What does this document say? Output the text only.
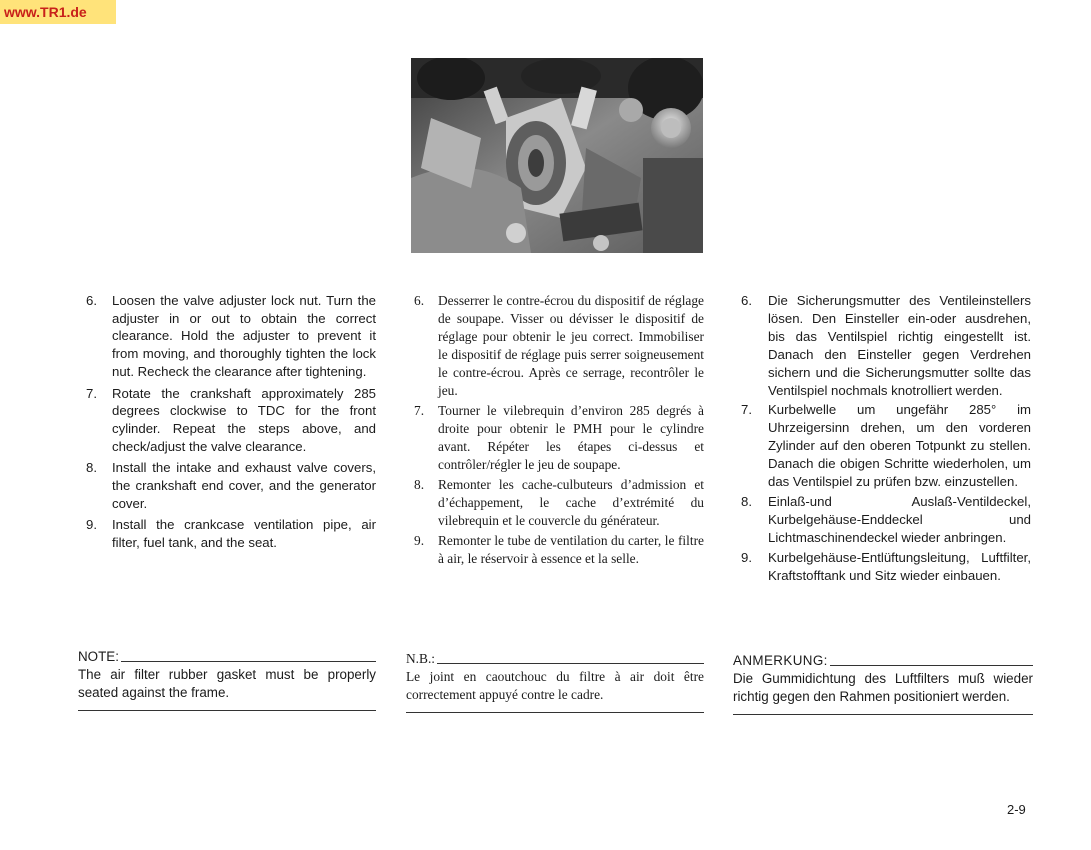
www.TR1.de
6.	Loosen the valve adjuster lock nut. Turn the adjuster in or out to obtain the correct clearance. Hold the adjuster to prevent it from moving, and thoroughly tighten the lock nut. Recheck the clearance after tightening.
7.	Rotate the crankshaft approximately 285 degrees clockwise to TDC for the front cylinder. Repeat the steps above, and check/adjust the valve clearance.
8.	Install the intake and exhaust valve covers, the crankshaft end cover, and the generator cover.
9.	Install the crankcase ventilation pipe, air filter, fuel tank, and the seat.
6.	Desserrer le contre-écrou du dispositif de réglage de soupape. Visser ou dévisser le dispositif de réglage pour obtenir le jeu correct. Immobiliser le dispositif de réglage puis serrer soigneusement le contre-écrou. Après ce serrage, recontrôler le jeu.
7.	Tourner le vilebrequin d’environ 285 degrés à droite pour obtenir le PMH pour le cylindre avant. Répéter les étapes ci-dessus et contrôler/régler le jeu de soupape.
8.	Remonter les cache-culbuteurs d’admission et d’échappement, le cache d’extrémité du vilebrequin et le couvercle du générateur.
9.	Remonter le tube de ventilation du carter, le filtre à air, le réservoir à essence et la selle.
6.	Die Sicherungsmutter des Ventileinstellers lösen. Den Einsteller ein-oder ausdrehen, bis das Ventilspiel richtig eingestellt ist. Danach den Einsteller gegen Verdrehen sichern und die Sicherungsmutter sollte das Ventilspiel nochmals knotrolliert werden.
7.	Kurbelwelle um ungefähr 285° im Uhrzeigersinn drehen, um den vorderen Zylinder auf den oberen Totpunkt zu stellen. Danach die obigen Schritte wiederholen, um das Ventilspiel zu prüfen bzw. einzustellen.
8.	Einlaß-und Auslaß-Ventildeckel, Kurbelgehäuse-Enddeckel und Lichtmaschinendeckel wieder anbringen.
9.	Kurbelgehäuse-Entlüftungsleitung, Luftfilter, Kraftstofftank und Sitz wieder einbauen.
NOTE:
The air filter rubber gasket must be properly seated against the frame.
N.B.:
Le joint en caoutchouc du filtre à air doit être correctement appuyé contre le cadre.
ANMERKUNG:
Die Gummidichtung des Luftfilters muß wieder richtig gegen den Rahmen positioniert werden.
2-9
